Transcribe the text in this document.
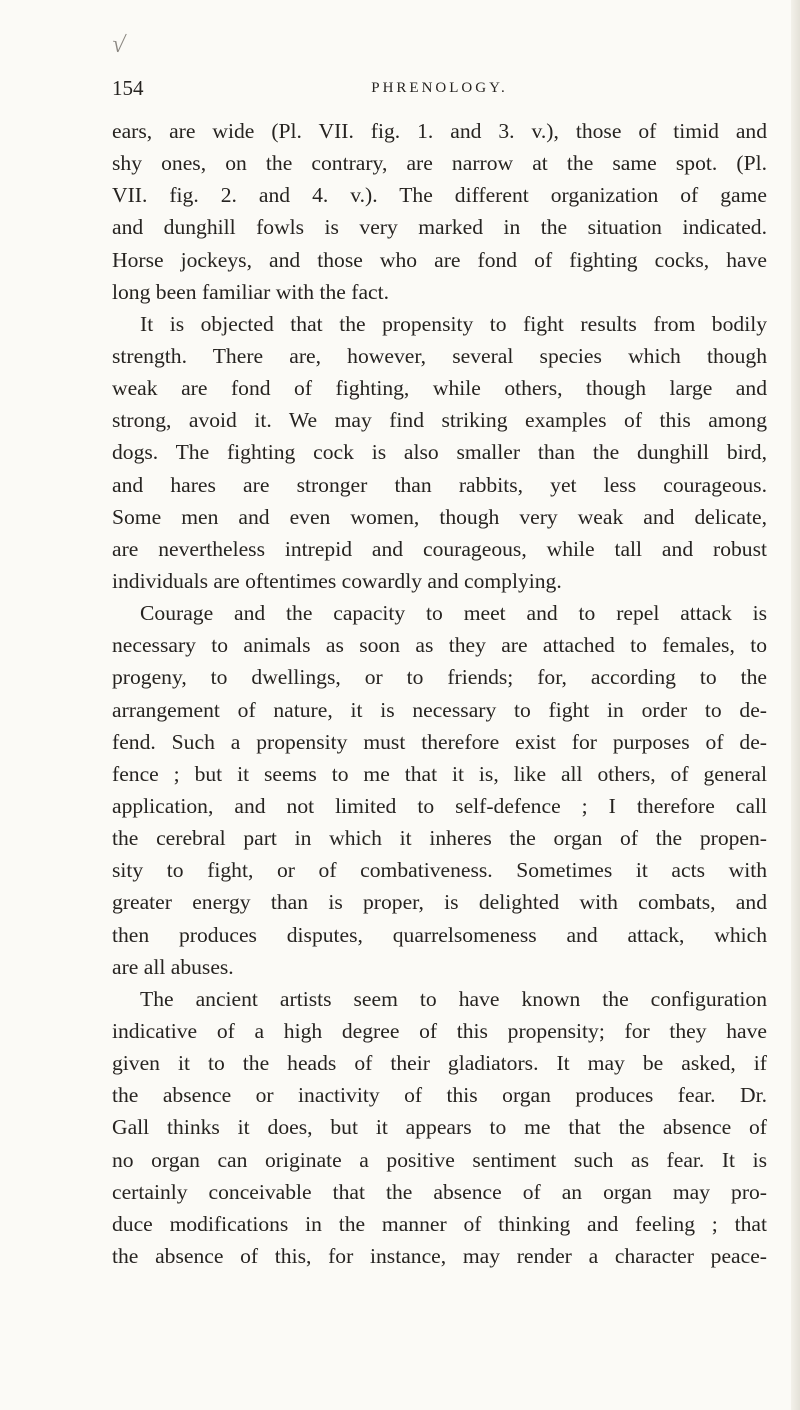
√
154	PHRENOLOGY.
ears, are wide (Pl. VII. fig. 1. and 3. v.), those of timid and
shy ones, on the contrary, are narrow at the same spot. (Pl.
VII. fig. 2. and 4. v.). The different organization of game
and dunghill fowls is very marked in the situation indicated.
Horse jockeys, and those who are fond of fighting cocks, have
long been familiar with the fact.
It is objected that the propensity to fight results from bodily
strength. There are, however, several species which though
weak are fond of fighting, while others, though large and
strong, avoid it. We may find striking examples of this among
dogs. The fighting cock is also smaller than the dunghill bird,
and hares are stronger than rabbits, yet less courageous.
Some men and even women, though very weak and delicate,
are nevertheless intrepid and courageous, while tall and robust
individuals are oftentimes cowardly and complying.
Courage and the capacity to meet and to repel attack is
necessary to animals as soon as they are attached to females, to
progeny, to dwellings, or to friends; for, according to the
arrangement of nature, it is necessary to fight in order to de-
fend. Such a propensity must therefore exist for purposes of de-
fence ; but it seems to me that it is, like all others, of general
application, and not limited to self-defence ; I therefore call
the cerebral part in which it inheres the organ of the propen-
sity to fight, or of combativeness. Sometimes it acts with
greater energy than is proper, is delighted with combats, and
then produces disputes, quarrelsomeness and attack, which
are all abuses.
The ancient artists seem to have known the configuration
indicative of a high degree of this propensity; for they have
given it to the heads of their gladiators. It may be asked, if
the absence or inactivity of this organ produces fear. Dr.
Gall thinks it does, but it appears to me that the absence of
no organ can originate a positive sentiment such as fear. It is
certainly conceivable that the absence of an organ may pro-
duce modifications in the manner of thinking and feeling ; that
the absence of this, for instance, may render a character peace-
